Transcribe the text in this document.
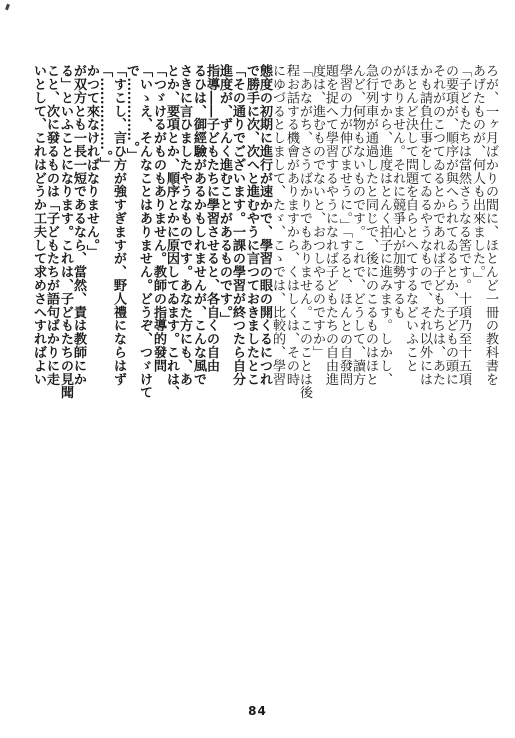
ろが、一ヶ月ばかりの間に、ほとんど一冊の教科書を
あげたものが、何人も出來ました。」
「子どもたちは當然さうなる筈です。十項乃至十五項
の要項が、順序が與へられてゐるとか、子どもの頭に
それがのこつてゐるとかであれば子どもたちは、あた
かも請負仕事をしてゐるやうなもので、それ以外には
ほとんど決して問題を自らとへてするなどいふこと
がありません。それに競爭心が加勢するも
のですから、進度はとんく拍子に進みます。しかし、
急行列車が通過したと同じで、後にのこるものはほと
んど、何物もないものです。これで、どうして、讀方
學習の力が伸びませうに。」「すると、ほんとの自發問
題を捉へて學習するやうになれば子どもたちの自由進
度は、進むものでないと、おつしやるのですか」
「あながち、さうばかりでもありません。このことは後
程お話する機會がありますから、くはしくは、その時
にゆづるとしまして、たゞ、こゝでは、比較的、學習
態度の初期に進行が速かで、學習の眼の開くるにつれ
で勝手に次、次へと進むやうに言つておきましたとこ
「その通りでございます。一課の學習が終つたら自分
進度が、ずんく進むことがあるものです。」
指導――子どもたちに學習させると、各自くの自由
るひは、御經驗があるかもしれませんが、こんな風で
さきに言ひましたやうなものです。あなた方にも、あ
とか、要項とか、順序とかに原因してゐます。これは、
「つゞけるがものもありません。教師の指導的發問
「いゝえ、そんなことはありません。どうぞ、つゞけて
で‥‥‥‥‥‥‥。」
「すこし、言ひ方が強すぎますが、野人禮にならはず
「‥‥‥‥‥‥‥‥。」
かつて來なければなりません。」
が双方とも一長一短であるなら、當然、責は教師にか
る」といふことになります。これは、子どもたちの見聞
こと、次に發るものは「子どもたちが語句ばかりに走
いとして、これはどうか工夫して求めさへすればよい
84
